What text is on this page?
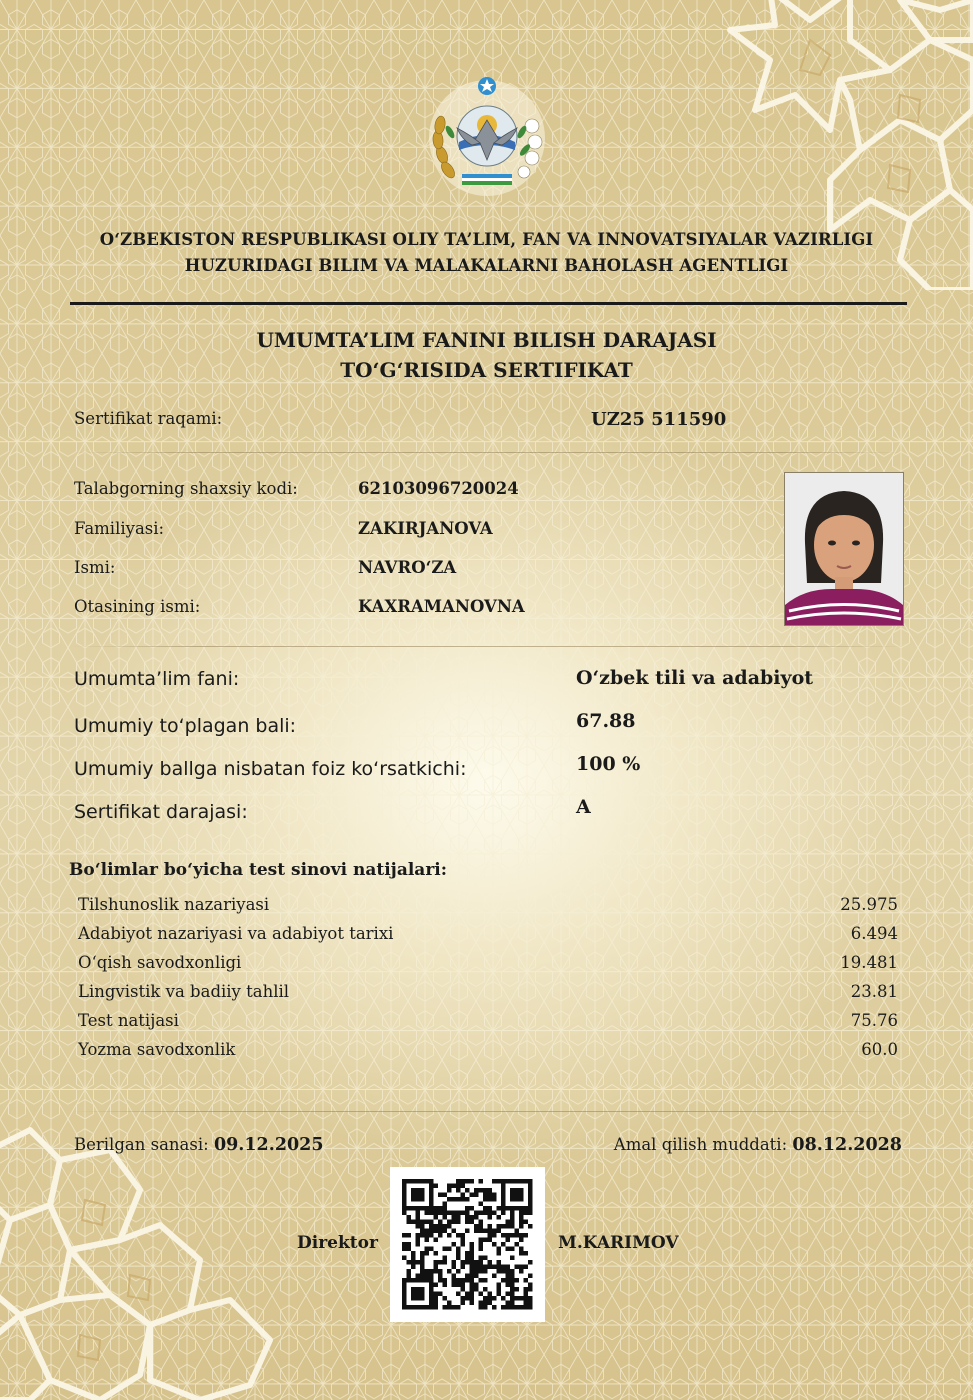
O‘ZBEKISTON RESPUBLIKASI OLIY TA’LIM, FAN VA INNOVATSIYALAR VAZIRLIGI
HUZURIDAGI BILIM VA MALAKALARNI BAHOLASH AGENTLIGI
UMUMTA’LIM FANINI BILISH DARAJASI
TO‘G‘RISIDA SERTIFIKAT
Sertifikat raqami:	UZ25 511590
Talabgorning shaxsiy kodi:	62103096720024
Familiyasi:	ZAKIRJANOVA
Ismi:	NAVRO‘ZA
Otasining ismi:	KAXRAMANOVNA
Umumta’lim fani:	O‘zbek tili va adabiyot
Umumiy to‘plagan bali:	67.88
Umumiy ballga nisbatan foiz ko‘rsatkichi:	100 %
Sertifikat darajasi:	A
Bo‘limlar bo‘yicha test sinovi natijalari:
Tilshunoslik nazariyasi	25.975
Adabiyot nazariyasi va adabiyot tarixi	6.494
O‘qish savodxonligi	19.481
Lingvistik va badiiy tahlil	23.81
Test natijasi	75.76
Yozma savodxonlik	60.0
Berilgan sanasi: 09.12.2025	Amal qilish muddati: 08.12.2028
Direktor	M.KARIMOV
